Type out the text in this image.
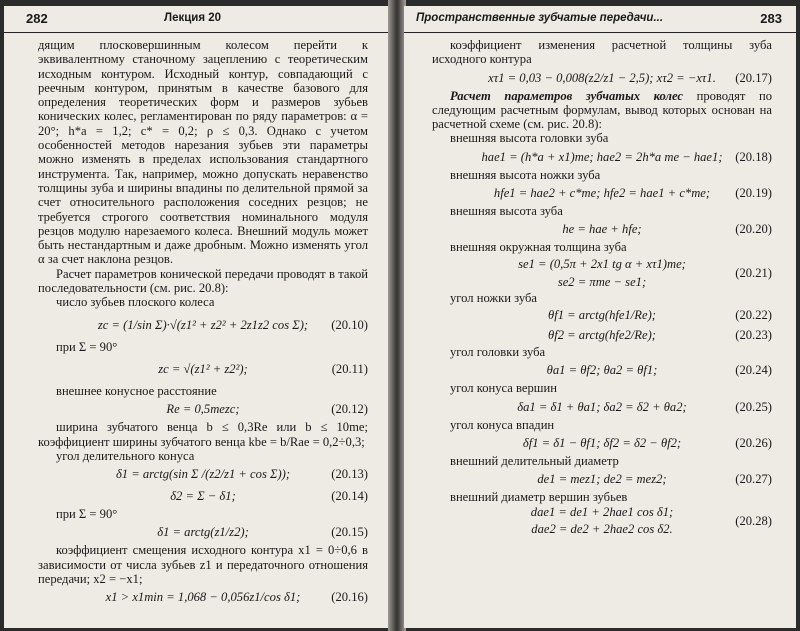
282	Лекция 20

дящим плосковершинным колесом перейти к эквивалентному станочному зацеплению с теоретическим исходным контуром. Исходный контур, совпадающий с реечным контуром, принятым в качестве базового для определения теоретических форм и размеров зубьев конических колес, регламентирован по ряду параметров: α = 20°; h*a = 1,2; c* = 0,2; ρ ≤ 0,3. Однако с учетом особенностей методов нарезания зубьев эти параметры можно изменять в пределах использования стандартного инструмента. Так, например, можно допускать неравенство толщины зуба и ширины впадины по делительной прямой за счет относительного расположения соседних резцов; не требуется строгого соответствия номинального модуля резцов модулю нарезаемого колеса. Внешний модуль может быть нестандартным и даже дробным. Можно изменять угол α за счет наклона резцов.

Расчет параметров конической передачи проводят в такой последовательности (см. рис. 20.8):

число зубьев плоского колеса

zc = (1/sin Σ)·√(z1² + z2² + 2z1z2 cos Σ); (20.10)

при Σ = 90°

zc = √(z1² + z2²);	(20.11)

внешнее конусное расстояние

Re = 0,5mezc;	(20.12)

ширина зубчатого венца b ≤ 0,3Re или b ≤ 10me; коэффициент ширины зубчатого венца kbe = b/Rae = 0,2÷0,3;

угол делительного конуса

δ1 = arctg(sin Σ /(z2/z1 + cos Σ));	(20.13)
δ2 = Σ − δ1;	(20.14)

при Σ = 90°

δ1 = arctg(z1/z2);	(20.15)

коэффициент смещения исходного контура x1 = 0÷0,6 в зависимости от числа зубьев z1 и передаточного отношения передачи; x2 = −x1;

x1 > x1min = 1,068 − 0,056z1/cos δ1; (20.16)
Пространственные зубчатые передачи...	283

коэффициент изменения расчетной толщины зуба исходного контура

xτ1 = 0,03 − 0,008(z2/z1 − 2,5); xτ2 = −xτ1. (20.17)

Расчет параметров зубчатых колес проводят по следующим расчетным формулам, вывод которых основан на расчетной схеме (см. рис. 20.8):

внешняя высота головки зуба

hae1 = (h*a + x1)me; hae2 = 2h*a me − hae1; (20.18)

внешняя высота ножки зуба

hfe1 = hae2 + c*me; hfe2 = hae1 + c*me; (20.19)

внешняя высота зуба

he = hae + hfe;	(20.20)

внешняя окружная толщина зуба

se1 = (0,5π + 2x1 tg α + xτ1)me;
se2 = πme − se1;
(20.21)

угол ножки зуба

θf1 = arctg(hfe1/Re);	(20.22)
θf2 = arctg(hfe2/Re);	(20.23)

угол головки зуба

θa1 = θf2; θa2 = θf1;	(20.24)

угол конуса вершин

δa1 = δ1 + θa1; δa2 = δ2 + θa2;	(20.25)

угол конуса впадин

δf1 = δ1 − θf1; δf2 = δ2 − θf2;	(20.26)

внешний делительный диаметр

de1 = mez1; de2 = mez2;	(20.27)

внешний диаметр вершин зубьев

dae1 = de1 + 2hae1 cos δ1;
dae2 = de2 + 2hae2 cos δ2.
(20.28)
